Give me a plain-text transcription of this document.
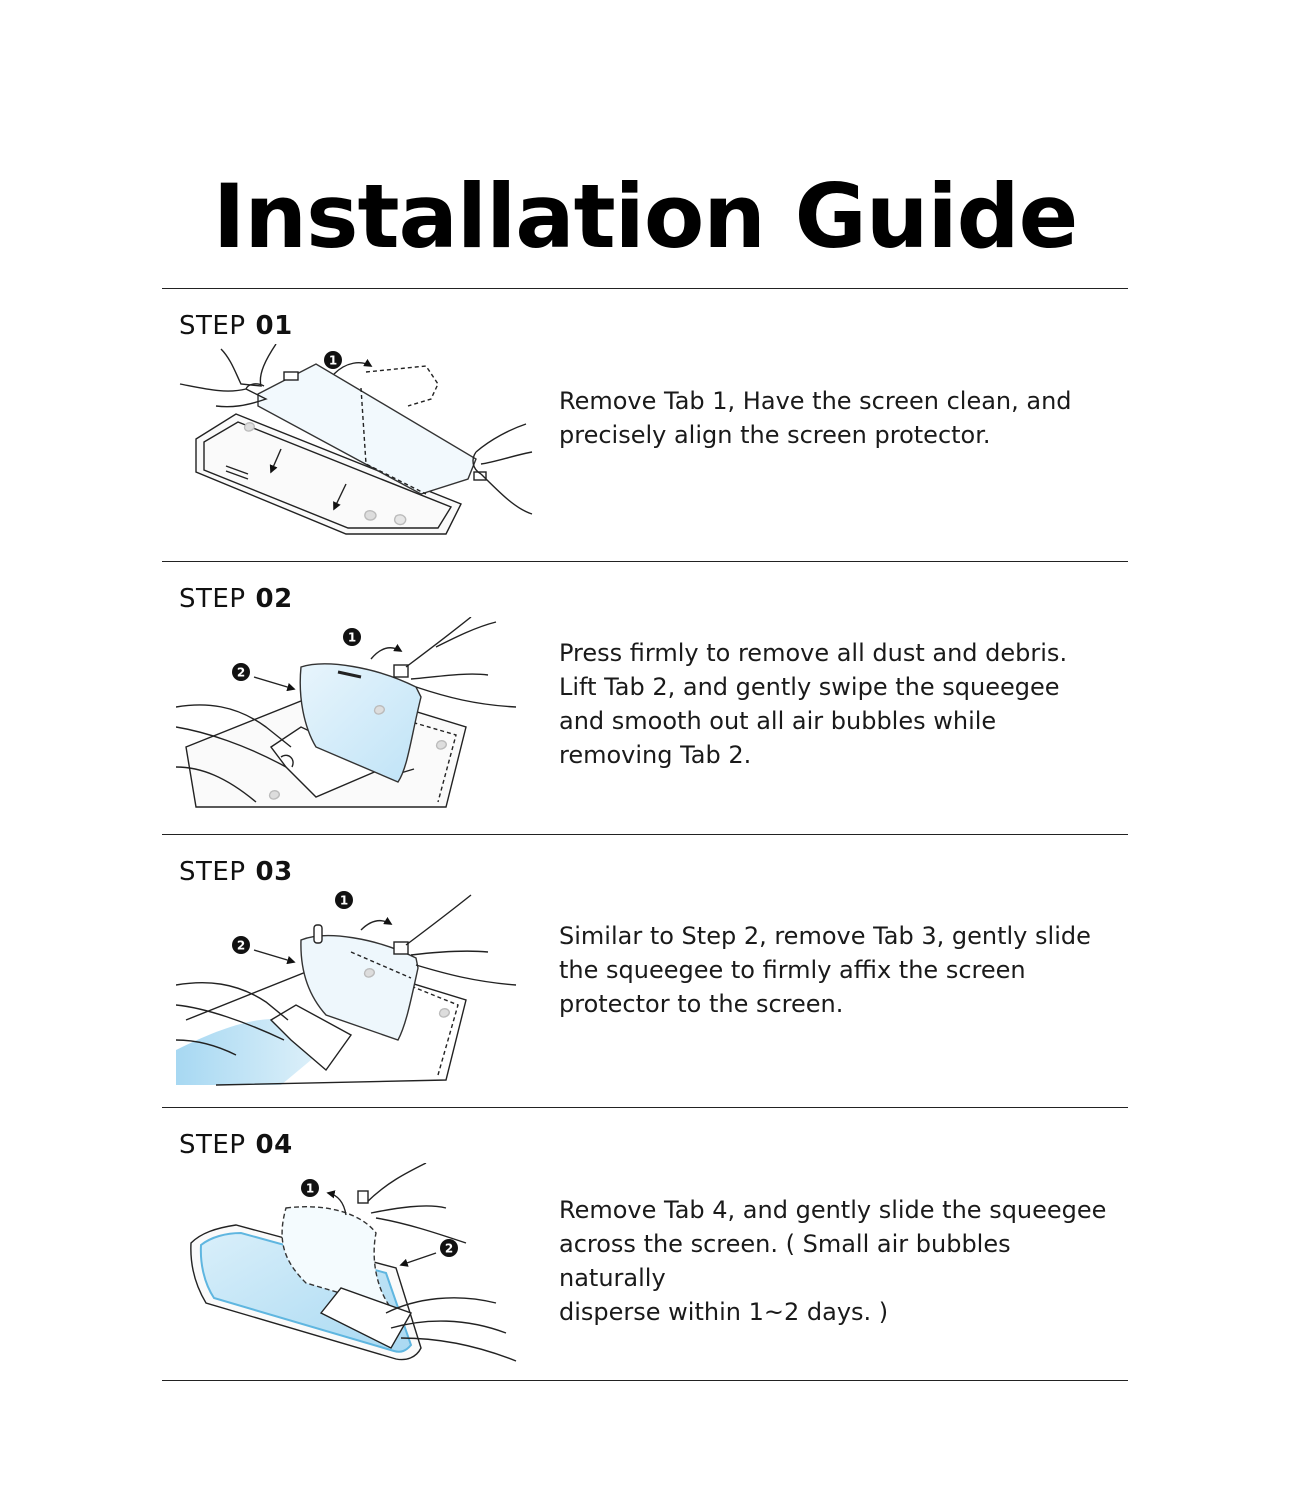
Installation Guide
STEP 01
1

Remove Tab 1, Have the screen clean, and

precisely align the screen protector.

STEP 02
1
2

Press firmly to remove all dust and debris.

Lift Tab 2, and gently swipe the squeegee

and smooth out all air bubbles while

removing Tab 2.

STEP 03
1
2	Similar to Step 2, remove Tab 3, gently slide

the squeegee to firmly affix the screen

protector to the screen.

STEP 04
1
2

Remove Tab 4, and gently slide the squeegee

across the screen. ( Small air bubbles naturally

disperse within 1~2 days. )
